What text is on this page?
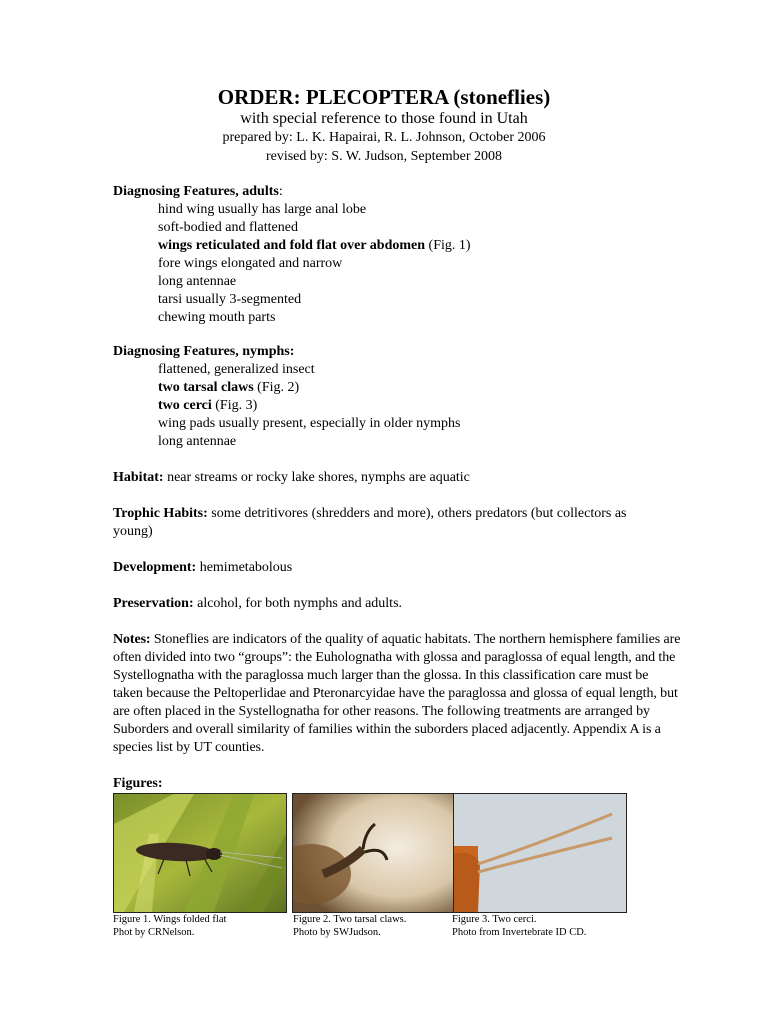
ORDER: PLECOPTERA (stoneflies)
with special reference to those found in Utah
prepared by: L. K. Hapairai, R. L. Johnson, October 2006
revised by: S. W. Judson, September 2008
Diagnosing Features, adults:
hind wing usually has large anal lobe
soft-bodied and flattened
wings reticulated and fold flat over abdomen (Fig. 1)
fore wings elongated and narrow
long antennae
tarsi usually 3-segmented
chewing mouth parts
Diagnosing Features, nymphs:
flattened, generalized insect
two tarsal claws (Fig. 2)
two cerci (Fig. 3)
wing pads usually present, especially in older nymphs
long antennae
Habitat: near streams or rocky lake shores, nymphs are aquatic
Trophic Habits: some detritivores (shredders and more), others predators (but collectors as young)
Development: hemimetabolous
Preservation: alcohol, for both nymphs and adults.
Notes: Stoneflies are indicators of the quality of aquatic habitats. The northern hemisphere families are often divided into two “groups”: the Euholognatha with glossa and paraglossa of equal length, and the Systellognatha with the paraglossa much larger than the glossa. In this classification care must be taken because the Peltoperlidae and Pteronarcyidae have the paraglossa and glossa of equal length, but are often placed in the Systellognatha for other reasons. The following treatments are arranged by Suborders and overall similarity of families within the suborders placed adjacently. Appendix A is a species list by UT counties.
Figures:
Figure 1. Wings folded flat
Phot by CRNelson.
Figure 2. Two tarsal claws.
Photo by SWJudson.
Figure 3. Two cerci.
Photo from Invertebrate ID CD.
